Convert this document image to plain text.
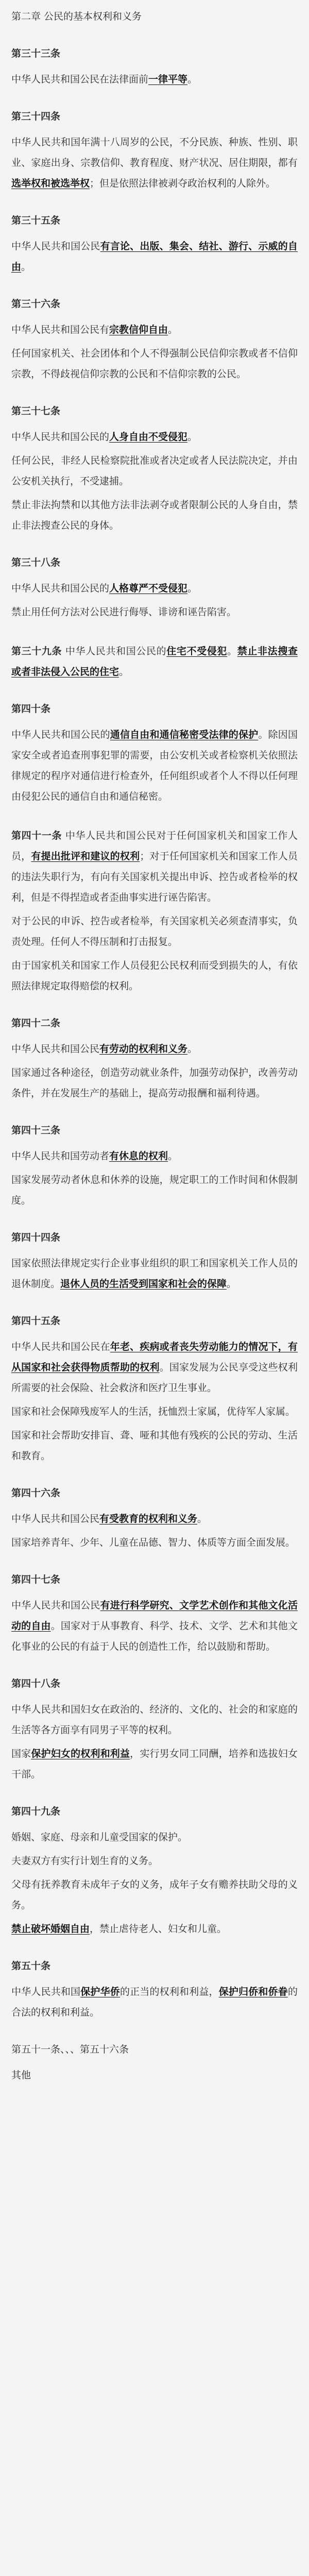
第二章 公民的基本权利和义务
第三十三条
中华人民共和国公民在法律面前一律平等。
第三十四条
中华人民共和国年满十八周岁的公民，不分民族、种族、性别、职业、家庭出身、宗教信仰、教育程度、财产状况、居住期限，都有选举权和被选举权；但是依照法律被剥夺政治权利的人除外。
第三十五条
中华人民共和国公民有言论、出版、集会、结社、游行、示威的自由。
第三十六条
中华人民共和国公民有宗教信仰自由。
任何国家机关、社会团体和个人不得强制公民信仰宗教或者不信仰宗教，不得歧视信仰宗教的公民和不信仰宗教的公民。
第三十七条
中华人民共和国公民的人身自由不受侵犯。
任何公民，非经人民检察院批准或者决定或者人民法院决定，并由公安机关执行，不受逮捕。
禁止非法拘禁和以其他方法非法剥夺或者限制公民的人身自由，禁止非法搜查公民的身体。
第三十八条
中华人民共和国公民的人格尊严不受侵犯。
禁止用任何方法对公民进行侮辱、诽谤和诬告陷害。
第三十九条 中华人民共和国公民的住宅不受侵犯。禁止非法搜查或者非法侵入公民的住宅。
第四十条
中华人民共和国公民的通信自由和通信秘密受法律的保护。除因国家安全或者追查刑事犯罪的需要，由公安机关或者检察机关依照法律规定的程序对通信进行检查外，任何组织或者个人不得以任何理由侵犯公民的通信自由和通信秘密。
第四十一条 中华人民共和国公民对于任何国家机关和国家工作人员，有提出批评和建议的权利；对于任何国家机关和国家工作人员的违法失职行为，有向有关国家机关提出申诉、控告或者检举的权利，但是不得捏造或者歪曲事实进行诬告陷害。
对于公民的申诉、控告或者检举，有关国家机关必须查清事实，负责处理。任何人不得压制和打击报复。
由于国家机关和国家工作人员侵犯公民权利而受到损失的人，有依照法律规定取得赔偿的权利。
第四十二条
中华人民共和国公民有劳动的权利和义务。
国家通过各种途径，创造劳动就业条件，加强劳动保护，改善劳动条件，并在发展生产的基础上，提高劳动报酬和福利待遇。
第四十三条
中华人民共和国劳动者有休息的权利。
国家发展劳动者休息和休养的设施，规定职工的工作时间和休假制度。
第四十四条
国家依照法律规定实行企业事业组织的职工和国家机关工作人员的退休制度。退休人员的生活受到国家和社会的保障。
第四十五条
中华人民共和国公民在年老、疾病或者丧失劳动能力的情况下，有从国家和社会获得物质帮助的权利。国家发展为公民享受这些权利所需要的社会保险、社会救济和医疗卫生事业。
国家和社会保障残废军人的生活，抚恤烈士家属，优待军人家属。
国家和社会帮助安排盲、聋、哑和其他有残疾的公民的劳动、生活和教育。
第四十六条
中华人民共和国公民有受教育的权利和义务。
国家培养青年、少年、儿童在品德、智力、体质等方面全面发展。
第四十七条
中华人民共和国公民有进行科学研究、文学艺术创作和其他文化活动的自由。国家对于从事教育、科学、技术、文学、艺术和其他文化事业的公民的有益于人民的创造性工作，给以鼓励和帮助。
第四十八条
中华人民共和国妇女在政治的、经济的、文化的、社会的和家庭的生活等各方面享有同男子平等的权利。
国家保护妇女的权利和利益，实行男女同工同酬，培养和选拔妇女干部。
第四十九条
婚姻、家庭、母亲和儿童受国家的保护。
夫妻双方有实行计划生育的义务。
父母有抚养教育未成年子女的义务，成年子女有赡养扶助父母的义务。
禁止破坏婚姻自由，禁止虐待老人、妇女和儿童。
第五十条
中华人民共和国保护华侨的正当的权利和利益，保护归侨和侨眷的合法的权利和利益。
第五十一条、、、第五十六条
其他
